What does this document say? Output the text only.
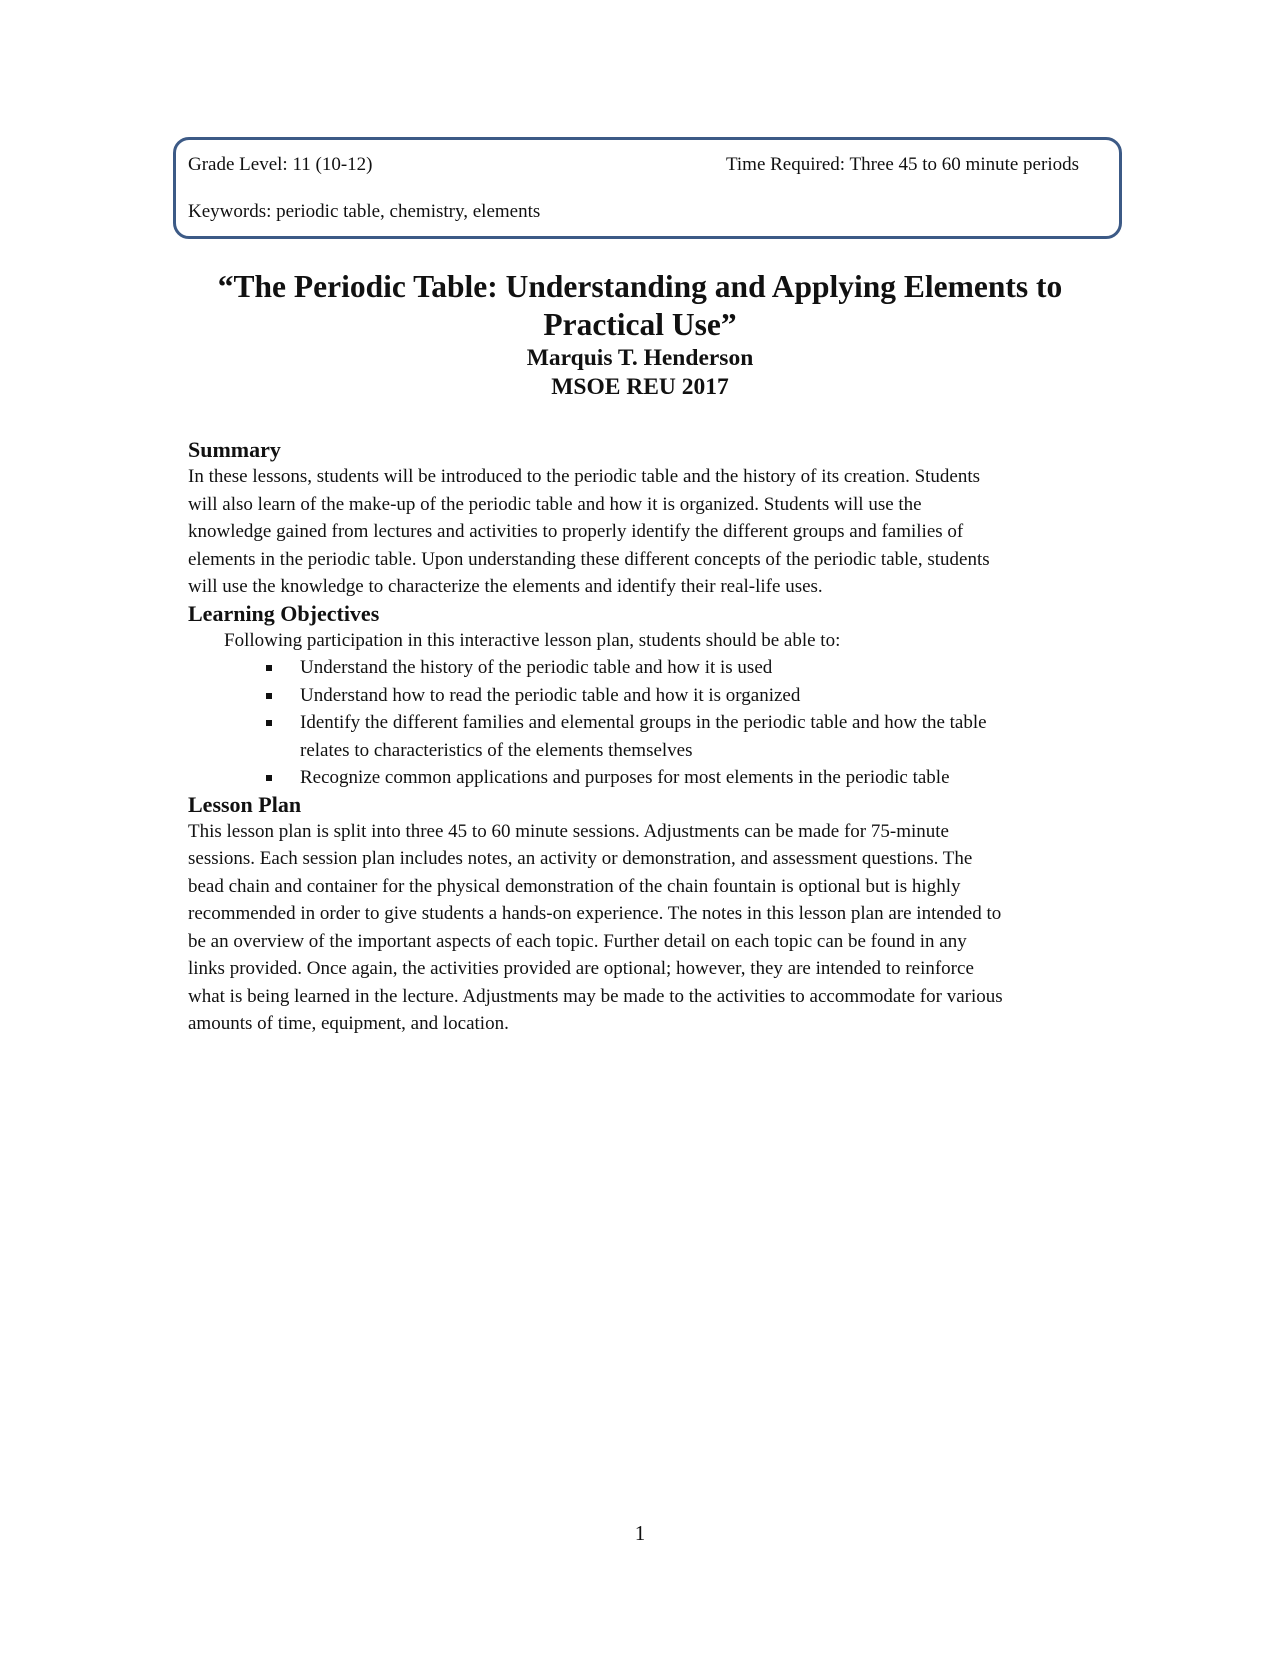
Grade Level: 11 (10-12)	Time Required: Three 45 to 60 minute periods
Keywords: periodic table, chemistry, elements
“The Periodic Table: Understanding and Applying Elements to
Practical Use”
Marquis T. Henderson
MSOE REU 2017
Summary
In these lessons, students will be introduced to the periodic table and the history of its creation. Students
will also learn of the make-up of the periodic table and how it is organized. Students will use the
knowledge gained from lectures and activities to properly identify the different groups and families of
elements in the periodic table. Upon understanding these different concepts of the periodic table, students
will use the knowledge to characterize the elements and identify their real-life uses.
Learning Objectives
Following participation in this interactive lesson plan, students should be able to:
Understand the history of the periodic table and how it is used
Understand how to read the periodic table and how it is organized
Identify the different families and elemental groups in the periodic table and how the table
relates to characteristics of the elements themselves
Recognize common applications and purposes for most elements in the periodic table
Lesson Plan
This lesson plan is split into three 45 to 60 minute sessions. Adjustments can be made for 75-minute
sessions. Each session plan includes notes, an activity or demonstration, and assessment questions. The
bead chain and container for the physical demonstration of the chain fountain is optional but is highly
recommended in order to give students a hands-on experience. The notes in this lesson plan are intended to
be an overview of the important aspects of each topic. Further detail on each topic can be found in any
links provided. Once again, the activities provided are optional; however, they are intended to reinforce
what is being learned in the lecture. Adjustments may be made to the activities to accommodate for various
amounts of time, equipment, and location.
1
